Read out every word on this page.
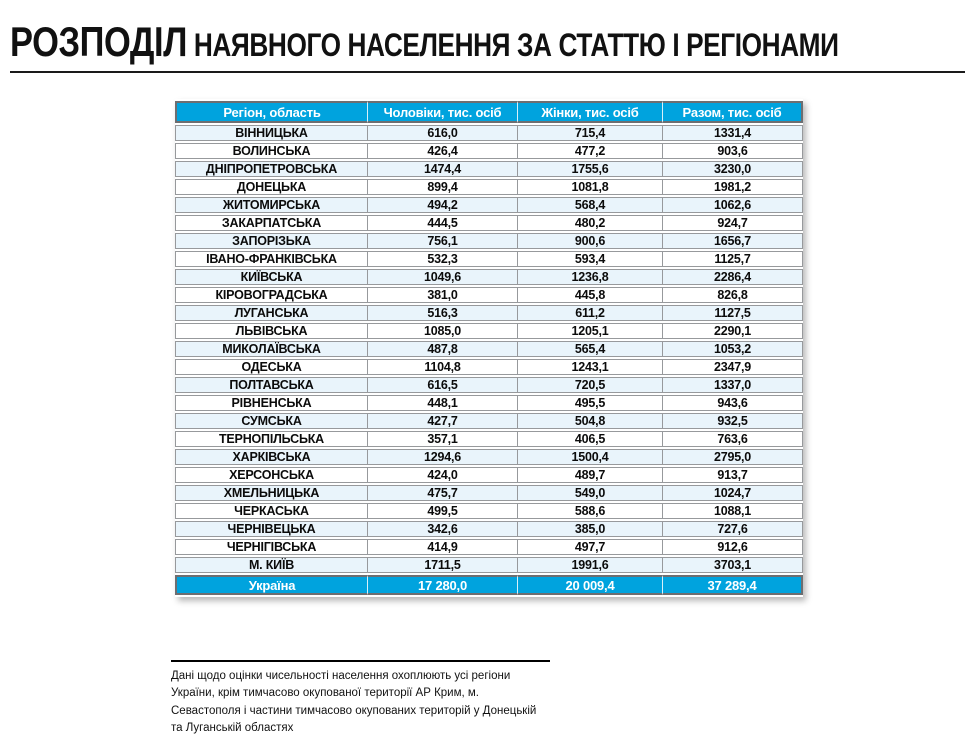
РОЗПОДІЛ НАЯВНОГО НАСЕЛЕННЯ ЗА СТАТТЮ І РЕГІОНАМИ
Регіон, область	Чоловіки, тис. осіб	Жінки, тис. осіб	Разом, тис. осіб
ВІННИЦЬКА	616,0	715,4	1331,4
ВОЛИНСЬКА	426,4	477,2	903,6
ДНІПРОПЕТРОВСЬКА	1474,4	1755,6	3230,0
ДОНЕЦЬКА	899,4	1081,8	1981,2
ЖИТОМИРСЬКА	494,2	568,4	1062,6
ЗАКАРПАТСЬКА	444,5	480,2	924,7
ЗАПОРІЗЬКА	756,1	900,6	1656,7
ІВАНО-ФРАНКІВСЬКА	532,3	593,4	1125,7
КИЇВСЬКА	1049,6	1236,8	2286,4
КІРОВОГРАДСЬКА	381,0	445,8	826,8
ЛУГАНСЬКА	516,3	611,2	1127,5
ЛЬВІВСЬКА	1085,0	1205,1	2290,1
МИКОЛАЇВСЬКА	487,8	565,4	1053,2
ОДЕСЬКА	1104,8	1243,1	2347,9
ПОЛТАВСЬКА	616,5	720,5	1337,0
РІВНЕНСЬКА	448,1	495,5	943,6
СУМСЬКА	427,7	504,8	932,5
ТЕРНОПІЛЬСЬКА	357,1	406,5	763,6
ХАРКІВСЬКА	1294,6	1500,4	2795,0
ХЕРСОНСЬКА	424,0	489,7	913,7
ХМЕЛЬНИЦЬКА	475,7	549,0	1024,7
ЧЕРКАСЬКА	499,5	588,6	1088,1
ЧЕРНІВЕЦЬКА	342,6	385,0	727,6
ЧЕРНІГІВСЬКА	414,9	497,7	912,6
М. КИЇВ	1711,5	1991,6	3703,1
Україна	17 280,0	20 009,4	37 289,4
Дані щодо оцінки чисельності населення охоплюють усі регіони України, крім тимчасово окупованої території АР Крим, м. Севастополя і частини тимчасово окупованих територій у Донецькій та Луганській областях
